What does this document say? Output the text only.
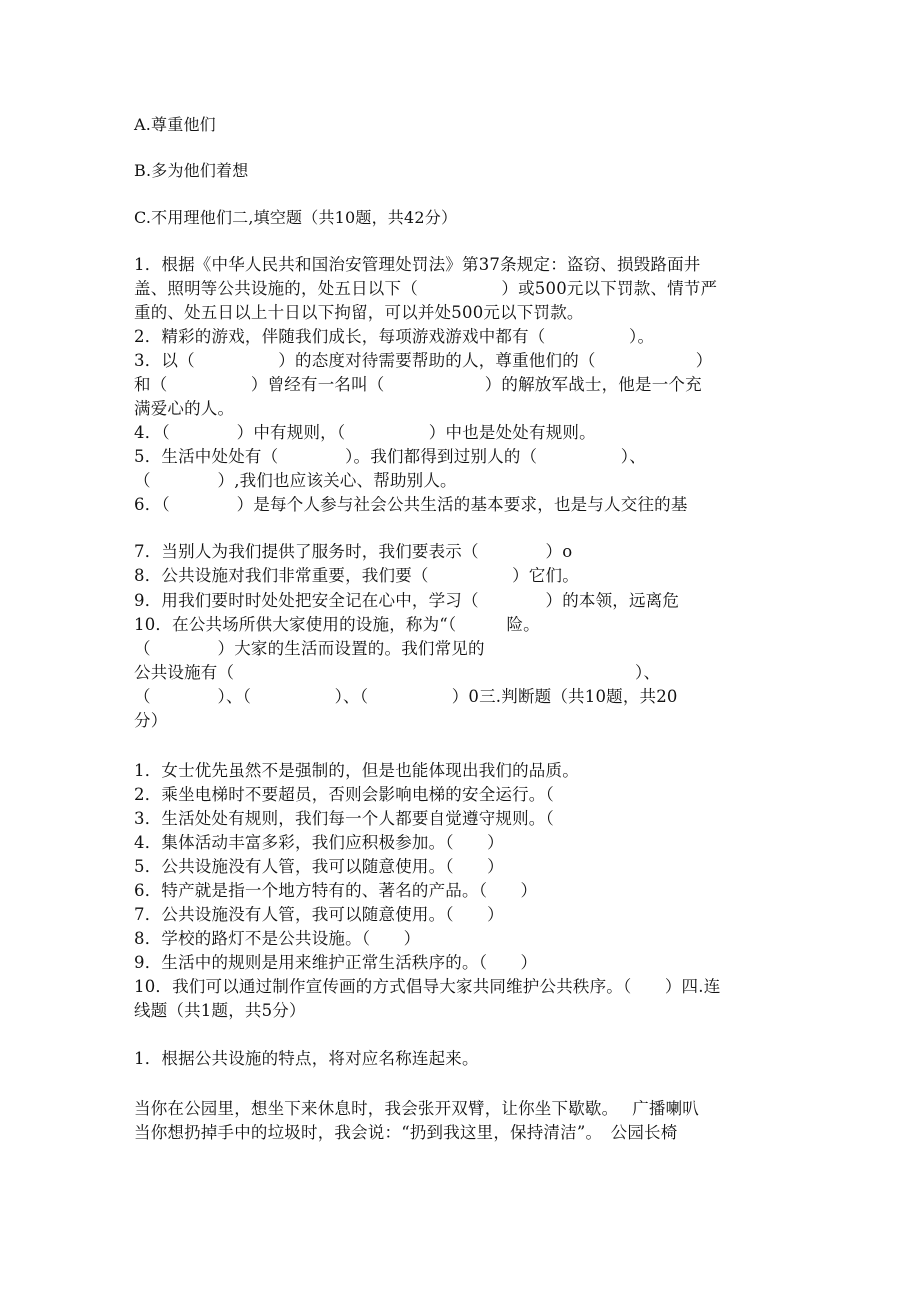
A.尊重他们
B.多为他们着想
C.不用理他们二,填空题（共10题，共42分）
1．根据《中华人民共和国治安管理处罚法》第37条规定：盗窃、损毁路面井
盖、照明等公共设施的，处五日以下（　　　　　）或500元以下罚款、情节严
重的、处五日以上十日以下拘留，可以并处500元以下罚款。
2．精彩的游戏，伴随我们成长，每项游戏游戏中都有（　　　　　）。
3．以（　　　　　）的态度对待需要帮助的人，尊重他们的（　　　　　　）
和（　　　　　）曾经有一名叫（　　　　　　）的解放军战士，他是一个充
满爱心的人。
4．（　　　　）中有规则，（　　　　　）中也是处处有规则。
5．生活中处处有（　　　　）。我们都得到过别人的（　　　　　）、
（　　　　）,我们也应该关心、帮助别人。
6．（　　　　）是每个人参与社会公共生活的基本要求，也是与人交往的基
7．当别人为我们提供了服务时，我们要表示（　　　　）o
8．公共设施对我们非常重要，我们要（　　　　　）它们。
9．用我们要时时处处把安全记在心中，学习（　　　　）的本领，远离危
10．在公共场所供大家使用的设施，称为“（　　　险。
（　　　　）大家的生活而设置的。我们常见的
公共设施有（　　　　　　　　　　　　　　　　　　　　　　　　）、
（　　　　）、（　　　　　）、（　　　　　）0三.判断题（共10题，共20
分）
1．女士优先虽然不是强制的，但是也能体现出我们的品质。
2．乘坐电梯时不要超员，否则会影响电梯的安全运行。（
3．生活处处有规则，我们每一个人都要自觉遵守规则。（
4．集体活动丰富多彩，我们应积极参加。（　　）
5．公共设施没有人管，我可以随意使用。（　　）
6．特产就是指一个地方特有的、著名的产品。（　　）
7．公共设施没有人管，我可以随意使用。（　　）
8．学校的路灯不是公共设施。（　　）
9．生活中的规则是用来维护正常生活秩序的。（　　）
10．我们可以通过制作宣传画的方式倡导大家共同维护公共秩序。（　　）四.连
线题（共1题，共5分）
1．根据公共设施的特点，将对应名称连起来。
当你在公园里，想坐下来休息时，我会张开双臂，让你坐下歇歇。　 广播喇叭
当你想扔掉手中的垃圾时，我会说：“扔到我这里，保持清洁”。　公园长椅
